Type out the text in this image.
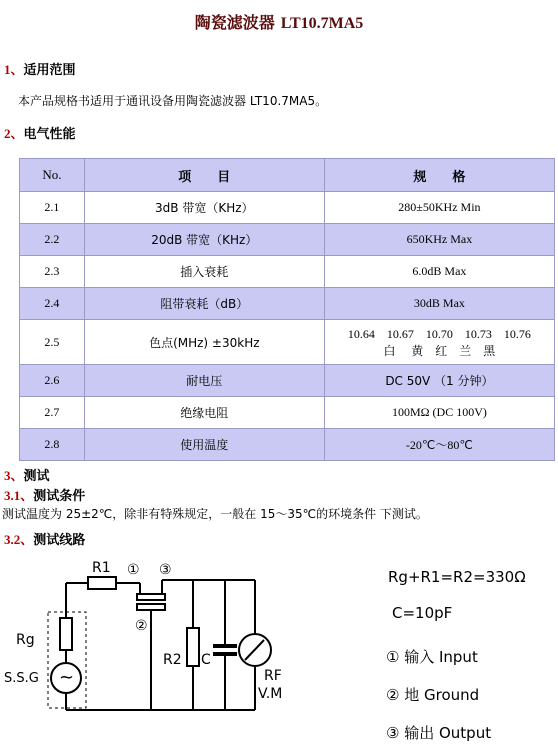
陶瓷滤波器 LT10.7MA5
1、适用范围
本产品规格书适用于通讯设备用陶瓷滤波器 LT10.7MA5。
2、电气性能
No.	项　　目	规　　格
2.1	3dB 带宽（KHz）	280±50KHz Min
2.2	20dB 带宽（KHz）	650KHz Max
2.3	插入衰耗	6.0dB Max
2.4	阻带衰耗（dB）	30dB Max
2.5	色点(MHz) ±30kHz	10.64　10.67　10.70　10.73　10.76
白　 黄　红　兰　黑

2.6	耐电压	DC 50V （1 分钟）
2.7	绝缘电阻	100MΩ (DC 100V)
2.8	使用温度	-20℃～80℃
3、测试
3.1、测试条件
测试温度为 25±2℃，除非有特殊规定，一般在 15～35℃的环境条件 下测试。
3.2、测试线路
R1
Rg
S.S.G ~
R2 C
RF
V.M
① ③
②
Rg+R1=R2=330Ω
C=10pF
① 输入 Input
② 地 Ground
③ 输出 Output
